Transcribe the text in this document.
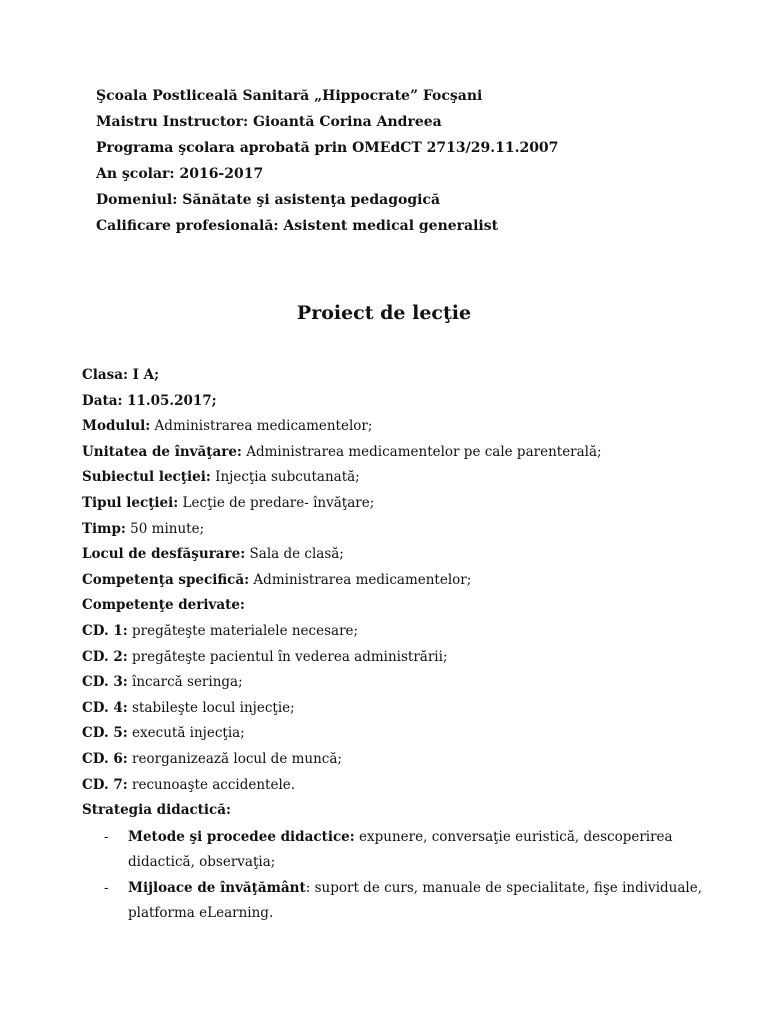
Şcoala Postliceală Sanitară „Hippocrate” Focşani
Maistru Instructor: Gioantă Corina Andreea
Programa şcolara aprobată prin OMEdCT 2713/29.11.2007
An şcolar: 2016-2017
Domeniul: Sănătate şi asistenţa pedagogică
Calificare profesională: Asistent medical generalist
Proiect de lecţie
Clasa: I A;
Data: 11.05.2017;
Modulul: Administrarea medicamentelor;
Unitatea de învăţare: Administrarea medicamentelor pe cale parenterală;
Subiectul lecţiei: Injecţia subcutanată;
Tipul lecţiei: Lecţie de predare- învăţare;
Timp: 50 minute;
Locul de desfăşurare: Sala de clasă;
Competenţa specifică: Administrarea medicamentelor;
Competenţe derivate:
CD. 1: pregăteşte materialele necesare;
CD. 2: pregăteşte pacientul în vederea administrării;
CD. 3: încarcă seringa;
CD. 4: stabileşte locul injecţie;
CD. 5: execută injecţia;
CD. 6: reorganizează locul de muncă;
CD. 7: recunoaşte accidentele.
Strategia didactică:
- Metode şi procedee didactice: expunere, conversaţie euristică, descoperirea didactică, observaţia;
- Mijloace de învăţământ: suport de curs, manuale de specialitate, fişe individuale, platforma eLearning.
